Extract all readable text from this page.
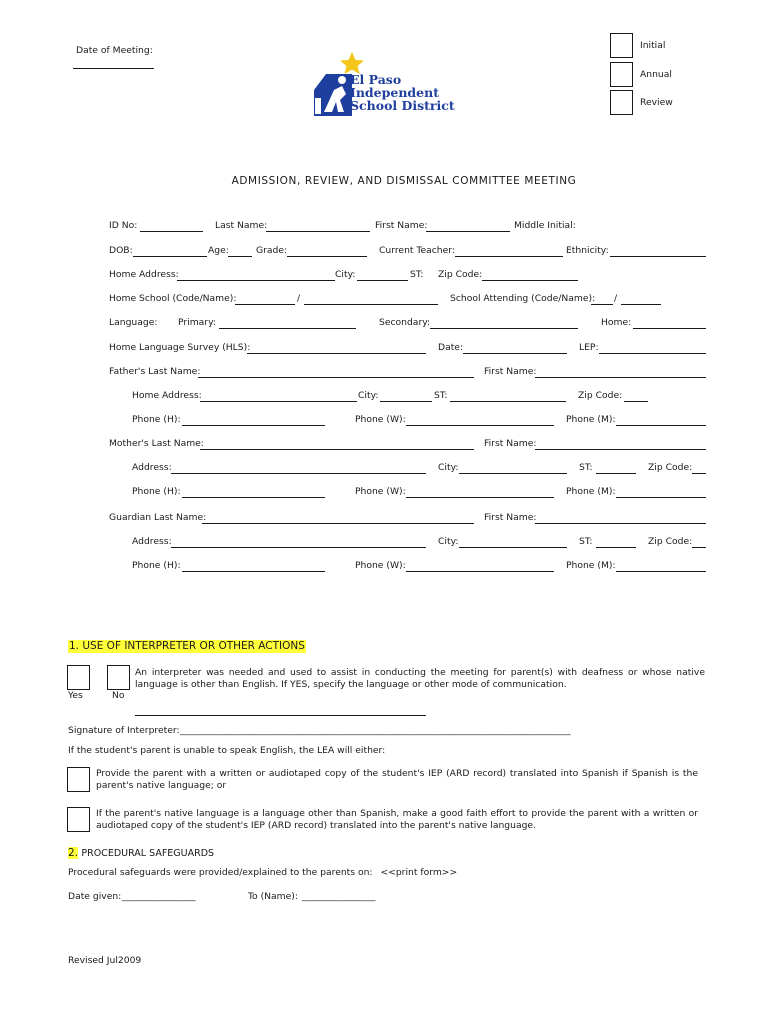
Date of Meeting:
El Paso
Independent
School District
Initial
Annual
Review
ADMISSION, REVIEW, AND DISMISSAL COMMITTEE MEETING
ID No:	Last Name:	First Name:	Middle Initial:
DOB:	Age:	Grade:	Current Teacher:	Ethnicity:
Home Address:	City:	ST: Zip Code:
Home School (Code/Name):	/	School Attending (Code/Name): /
Language: Primary:	Secondary:	Home:
Home Language Survey (HLS):	Date:	LEP:
Father's Last Name:	First Name:
Home Address:	City:	ST:	Zip Code:
Phone (H):	Phone (W):	Phone (M):
Mother's Last Name:	First Name:
Address:	City:	ST:	Zip Code:
Phone (H):	Phone (W):	Phone (M):
Guardian Last Name:	First Name:
Address:	City:	ST:	Zip Code:
Phone (H):	Phone (W):	Phone (M):
1. USE OF INTERPRETER OR OTHER ACTIONS
Yes	No
An interpreter was needed and used to assist in conducting the meeting for parent(s) with deafness or whose native language is other than English. If YES, specify the language or other mode of communication.
Signature of Interpreter: _____________________________________________________________________________________
If the student's parent is unable to speak English, the LEA will either:
Provide the parent with a written or audiotaped copy of the student's IEP (ARD record) translated into Spanish if Spanish is the parent's native language; or
If the parent's native language is a language other than Spanish, make a good faith effort to provide the parent with a written or audiotaped copy of the student's IEP (ARD record) translated into the parent's native language.
2. PROCEDURAL SAFEGUARDS
Procedural safeguards were provided/explained to the parents on: <<print form>>
Date given: ________________	To (Name): ________________
Revised Jul2009
